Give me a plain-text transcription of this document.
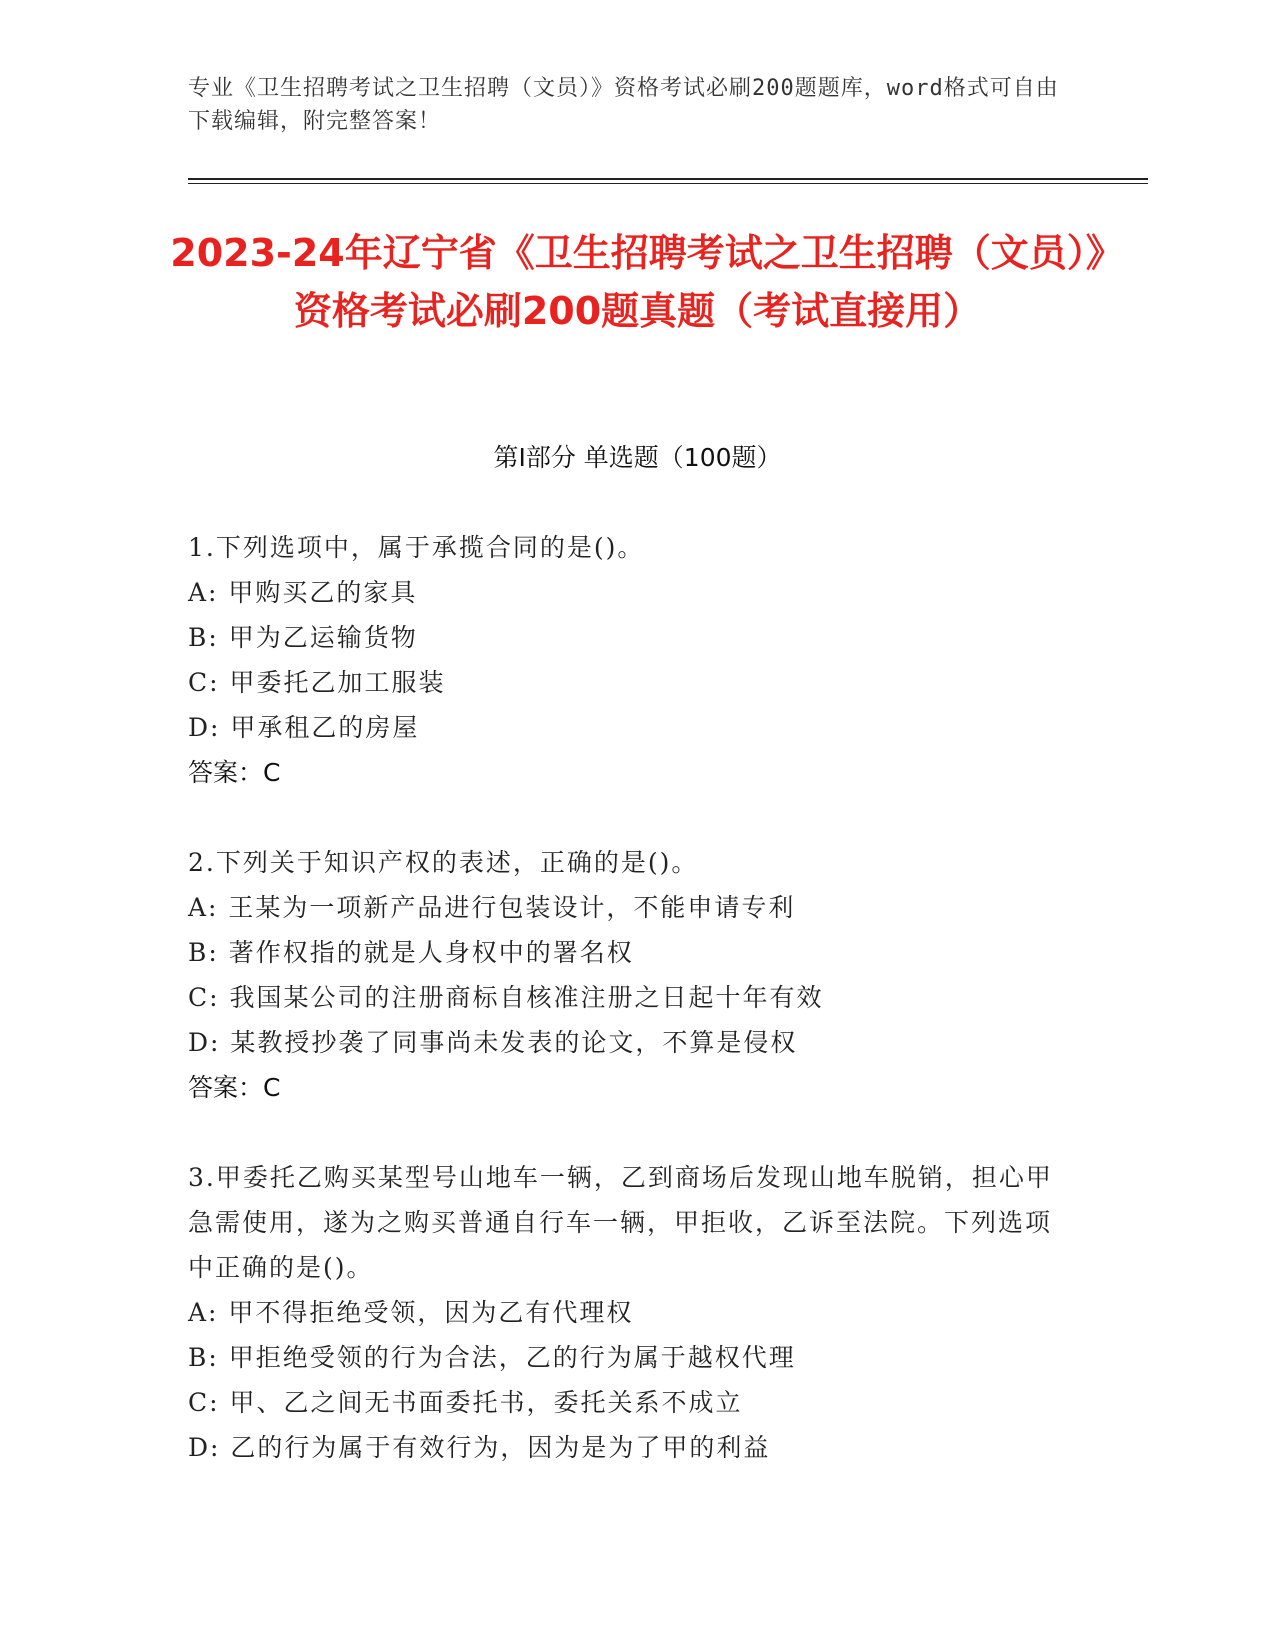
专业《卫生招聘考试之卫生招聘（文员）》资格考试必刷200题题库，word格式可自由下载编辑，附完整答案！
2023-24年辽宁省《卫生招聘考试之卫生招聘（文员）》资格考试必刷200题真题（考试直接用）
第Ⅰ部分 单选题（100题）
1.下列选项中，属于承揽合同的是()。
A: 甲购买乙的家具
B: 甲为乙运输货物
C: 甲委托乙加工服装
D: 甲承租乙的房屋
答案：C
2.下列关于知识产权的表述，正确的是()。
A: 王某为一项新产品进行包装设计，不能申请专利
B: 著作权指的就是人身权中的署名权
C: 我国某公司的注册商标自核准注册之日起十年有效
D: 某教授抄袭了同事尚未发表的论文，不算是侵权
答案：C
3.甲委托乙购买某型号山地车一辆，乙到商场后发现山地车脱销，担心甲急需使用，遂为之购买普通自行车一辆，甲拒收，乙诉至法院。下列选项中正确的是()。
A: 甲不得拒绝受领，因为乙有代理权
B: 甲拒绝受领的行为合法，乙的行为属于越权代理
C: 甲、乙之间无书面委托书，委托关系不成立
D: 乙的行为属于有效行为，因为是为了甲的利益
